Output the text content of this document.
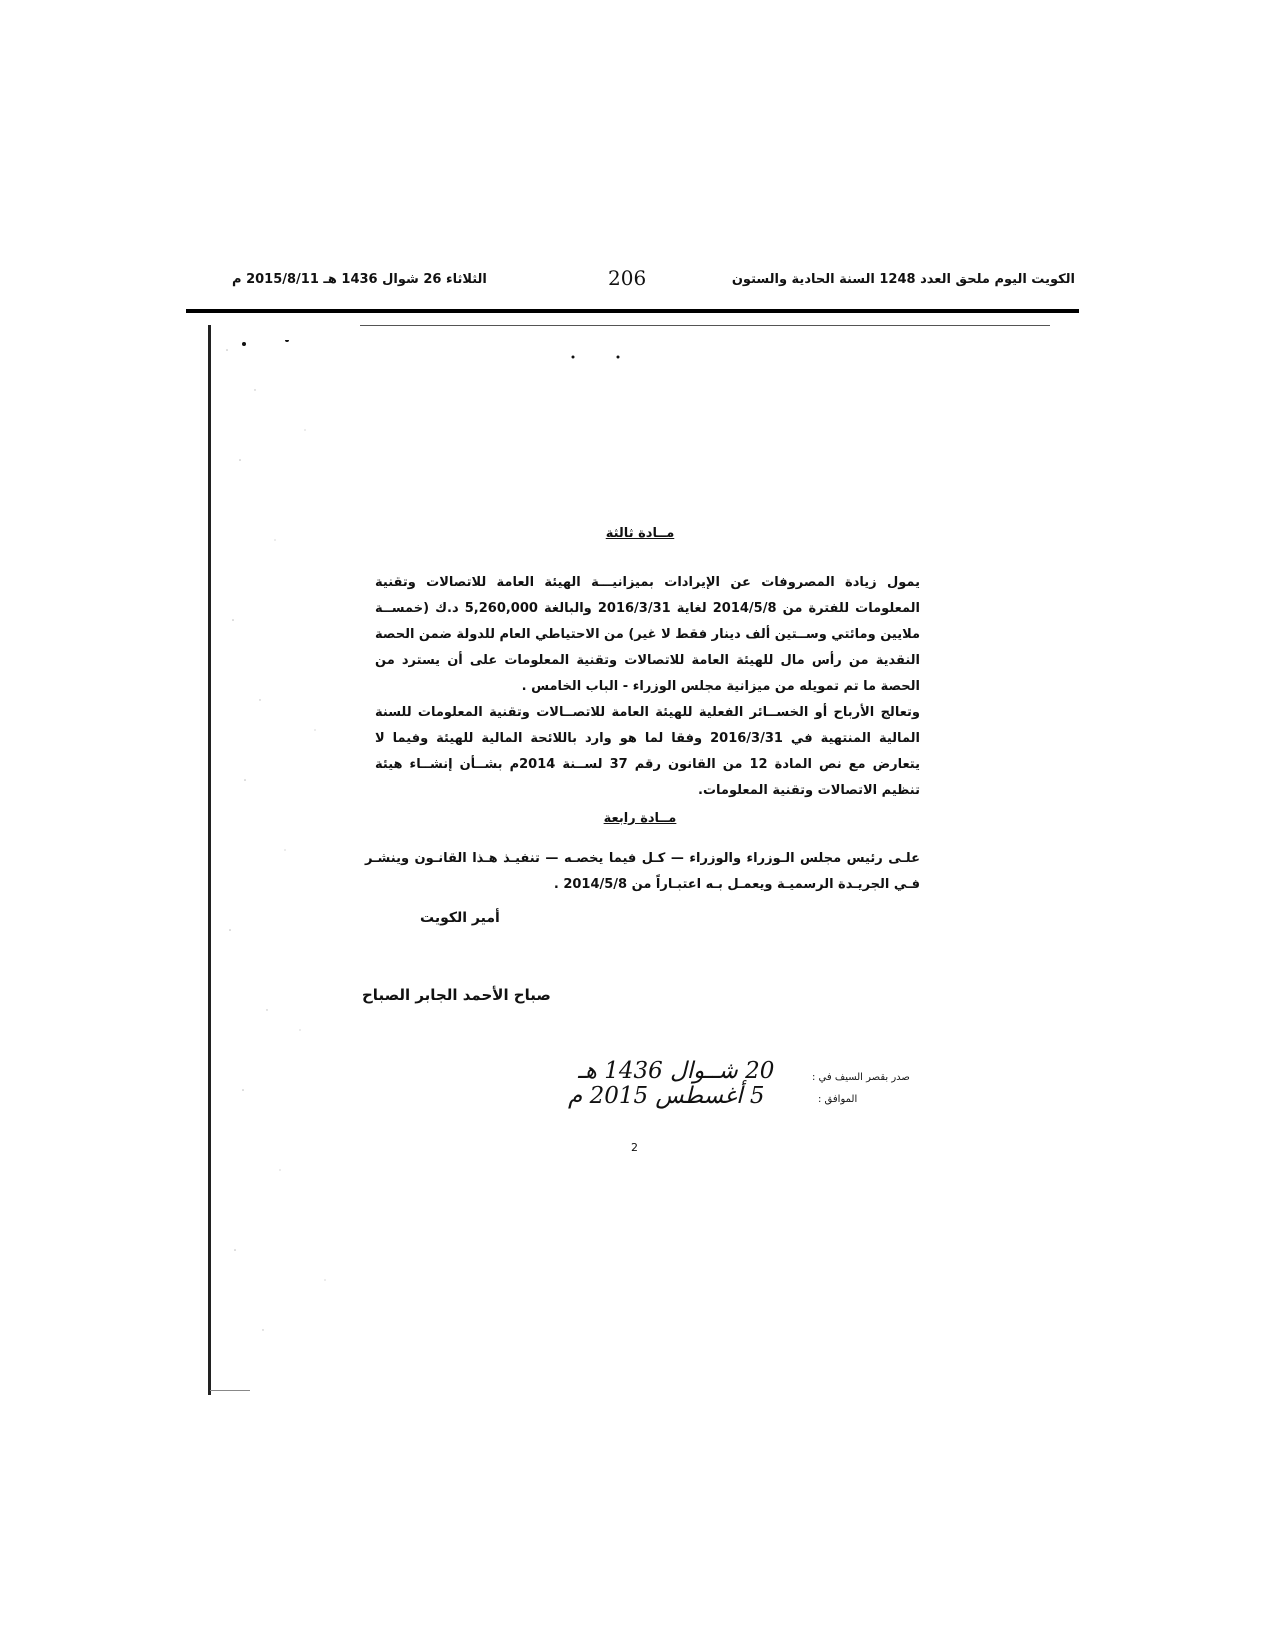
الكويت اليوم ملحق العدد 1248 السنة الحادية والستون
206
الثلاثاء 26 شوال 1436 هـ 2015/8/11 م
مــادة ثالثة

يمول زيادة المصروفات عن الإيرادات بميزانيـــة الهيئة العامة للاتصالات وتقنية المعلومات للفترة من 2014/5/8 لغاية 2016/3/31 والبالغة 5,260,000 د.ك (خمســة ملايين ومائتي وســتين ألف دينار فقط لا غير) من الاحتياطي العام للدولة ضمن الحصة النقدية من رأس مال للهيئة العامة للاتصالات وتقنية المعلومات على أن يسترد من الحصة ما تم تمويله من ميزانية مجلس الوزراء - الباب الخامس .

وتعالج الأرباح أو الخســائر الفعلية للهيئة العامة للاتصــالات وتقنية المعلومات للسنة المالية المنتهية في 2016/3/31 وفقا لما هو وارد باللائحة المالية للهيئة وفيما لا يتعارض مع نص المادة 12 من القانون رقم 37 لســنة 2014م بشــأن إنشــاء هيئة تنظيم الاتصالات وتقنية المعلومات.

مــادة رابعة

علـى رئيس مجلس الـوزراء والوزراء — كـل فيما يخصـه — تنفيـذ هـذا القانـون وينشـر فـي الجريـدة الرسميـة ويعمـل بـه اعتبـاراً من 2014/5/8 .

أمير الكويت
صباح الأحمد الجابر الصباح
صدر بقصر السيف في :
الموافق :
20 شــوال 1436 هـ
5 أغسطس 2015 م
2
